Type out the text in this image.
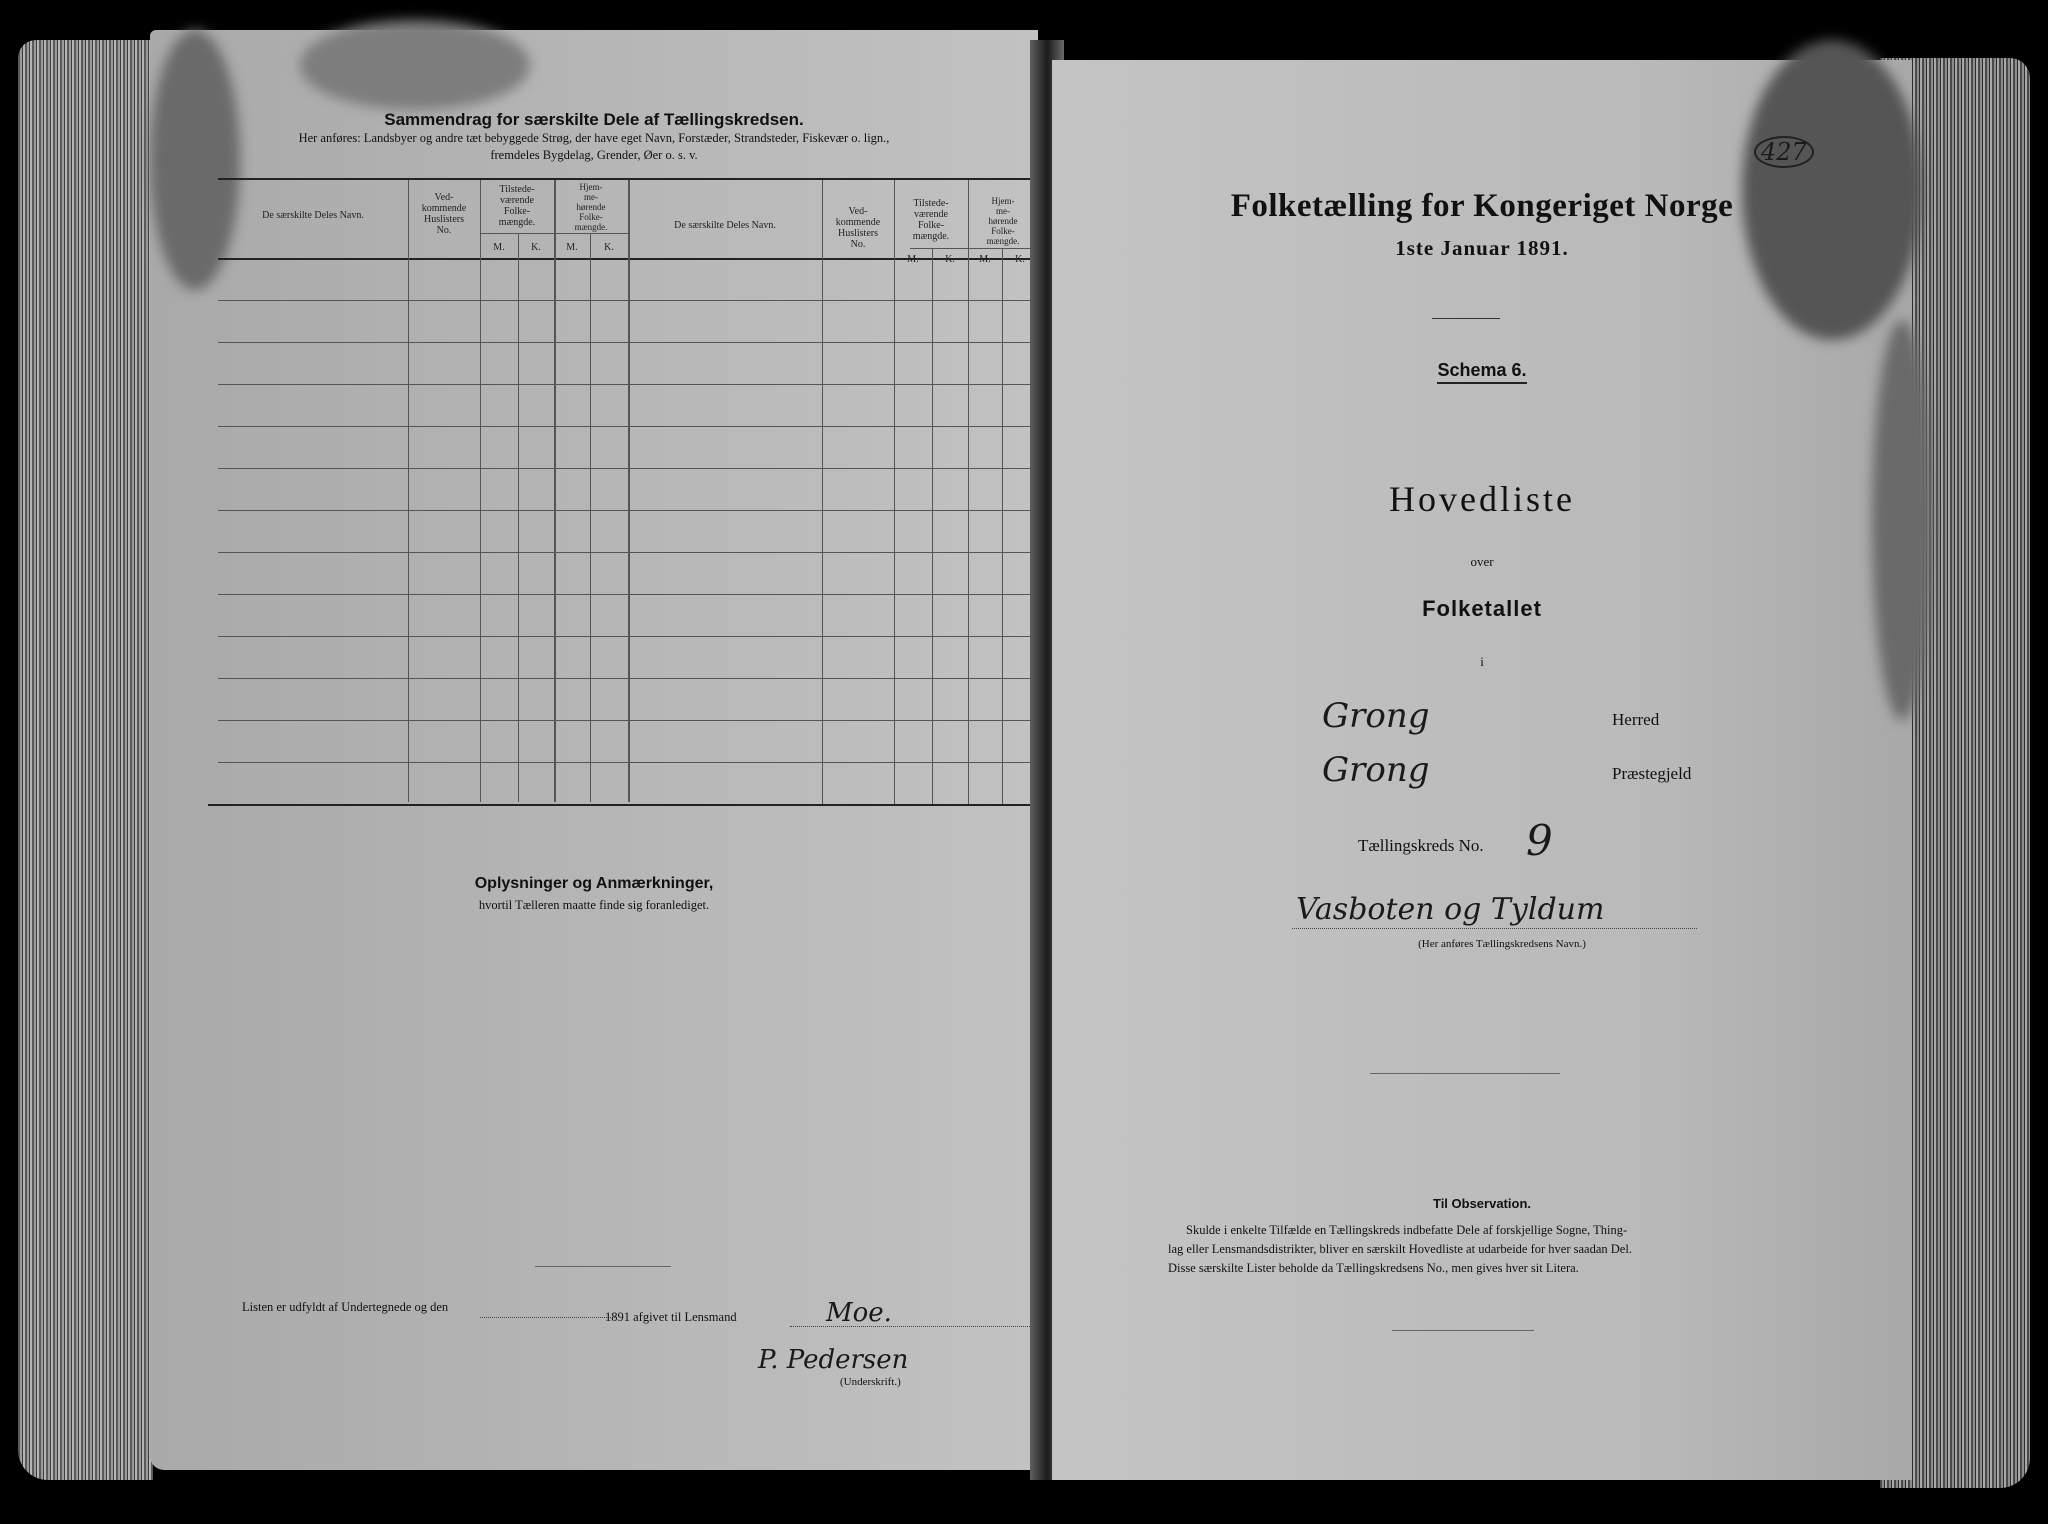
Sammendrag for særskilte Dele af Tællingskredsen.
Her anføres: Landsbyer og andre tæt bebyggede Strøg, der have eget Navn, Forstæder, Strandsteder, Fiskevær o. lign.,
fremdeles Bygdelag, Grender, Øer o. s. v.
De særskilte Deles Navn.
Ved-
kommende
Huslisters
No.
Tilstede-
værende
Folke-
mængde.
Hjem-
me-
hørende
Folke-
mængde.
M.	K.	M.	K.
De særskilte Deles Navn.
Ved-
kommende
Huslisters
No.
Tilstede-
værende
Folke-
mængde.
Hjem-
me-
hørende
Folke-
mængde.
M.	K.	M.	K.
Oplysninger og Anmærkninger,
hvortil Tælleren maatte finde sig foranlediget.
Listen er udfyldt af Undertegnede og den
1891 afgivet til Lensmand	Moe.
P. Pedersen
(Underskrift.)
427
Folketælling for Kongeriget Norge
1ste Januar 1891.
Schema 6.
Hovedliste
over
Folketallet
i
Grong	Herred
Grong	Præstegjeld
Tællingskreds No. 9
Vasboten og Tyldum
(Her anføres Tællingskredsens Navn.)
Til Observation.
Skulde i enkelte Tilfælde en Tællingskreds indbefatte Dele af forskjellige Sogne, Thing-
lag eller Lensmandsdistrikter, bliver en særskilt Hovedliste at udarbeide for hver saadan Del.
Disse særskilte Lister beholde da Tællingskredsens No., men gives hver sit Litera.
